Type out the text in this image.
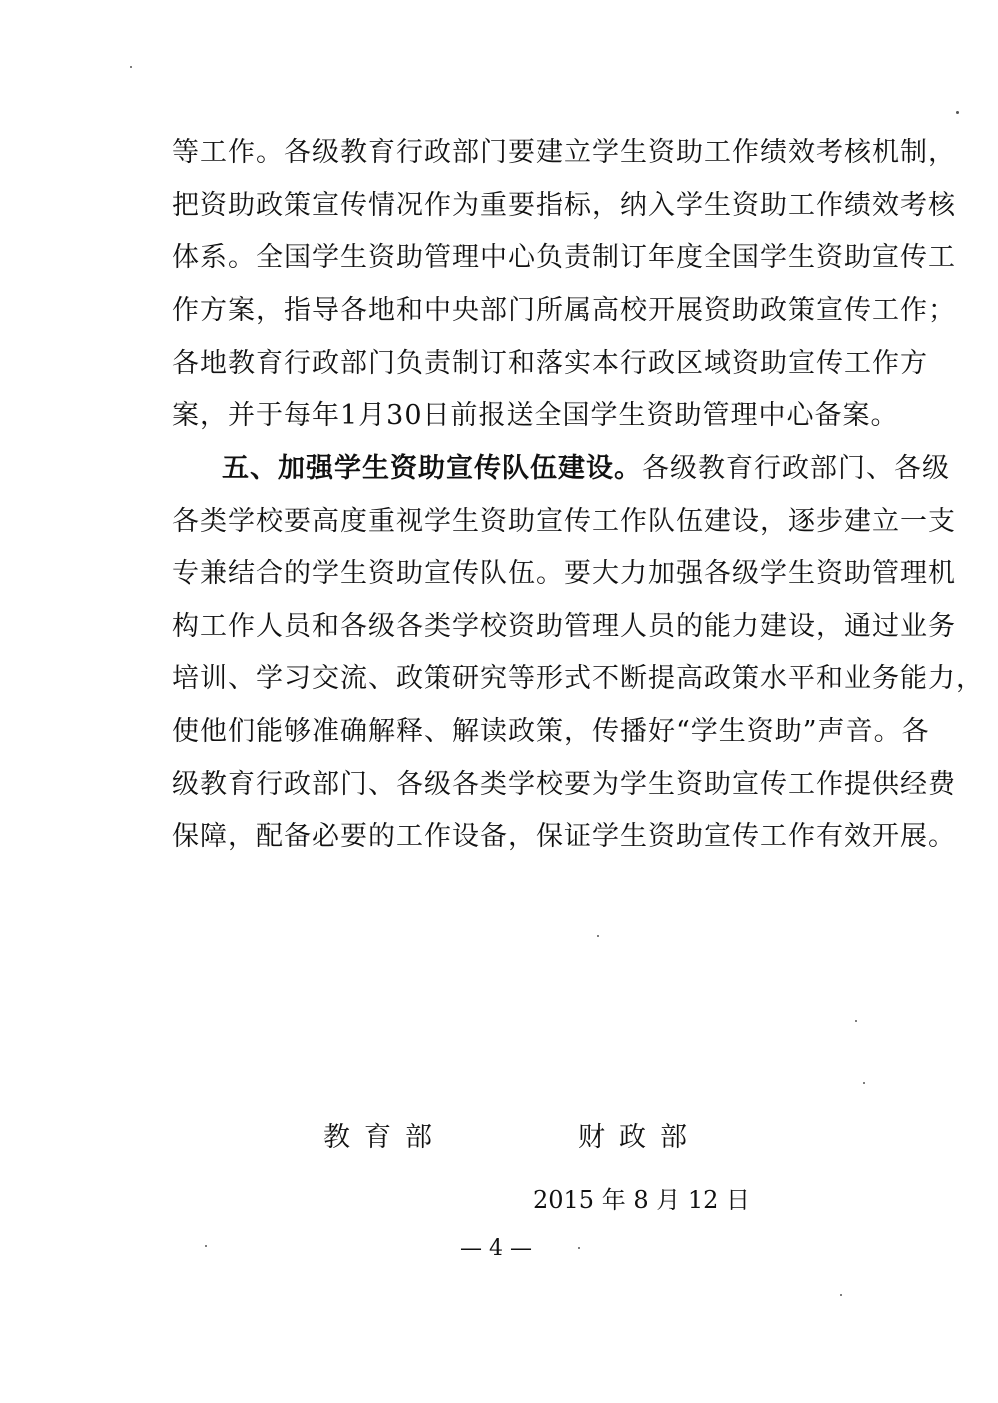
等工作。各级教育行政部门要建立学生资助工作绩效考核机制，
把资助政策宣传情况作为重要指标，纳入学生资助工作绩效考核
体系。全国学生资助管理中心负责制订年度全国学生资助宣传工
作方案，指导各地和中央部门所属高校开展资助政策宣传工作；
各地教育行政部门负责制订和落实本行政区域资助宣传工作方
案，并于每年1月30日前报送全国学生资助管理中心备案。
五、加强学生资助宣传队伍建设。各级教育行政部门、各级
各类学校要高度重视学生资助宣传工作队伍建设，逐步建立一支
专兼结合的学生资助宣传队伍。要大力加强各级学生资助管理机
构工作人员和各级各类学校资助管理人员的能力建设，通过业务
培训、学习交流、政策研究等形式不断提高政策水平和业务能力，
使他们能够准确解释、解读政策，传播好“学生资助”声音。各
级教育行政部门、各级各类学校要为学生资助宣传工作提供经费
保障，配备必要的工作设备，保证学生资助宣传工作有效开展。
教育部	财政部
2015 年 8 月 12 日
— 4 —
